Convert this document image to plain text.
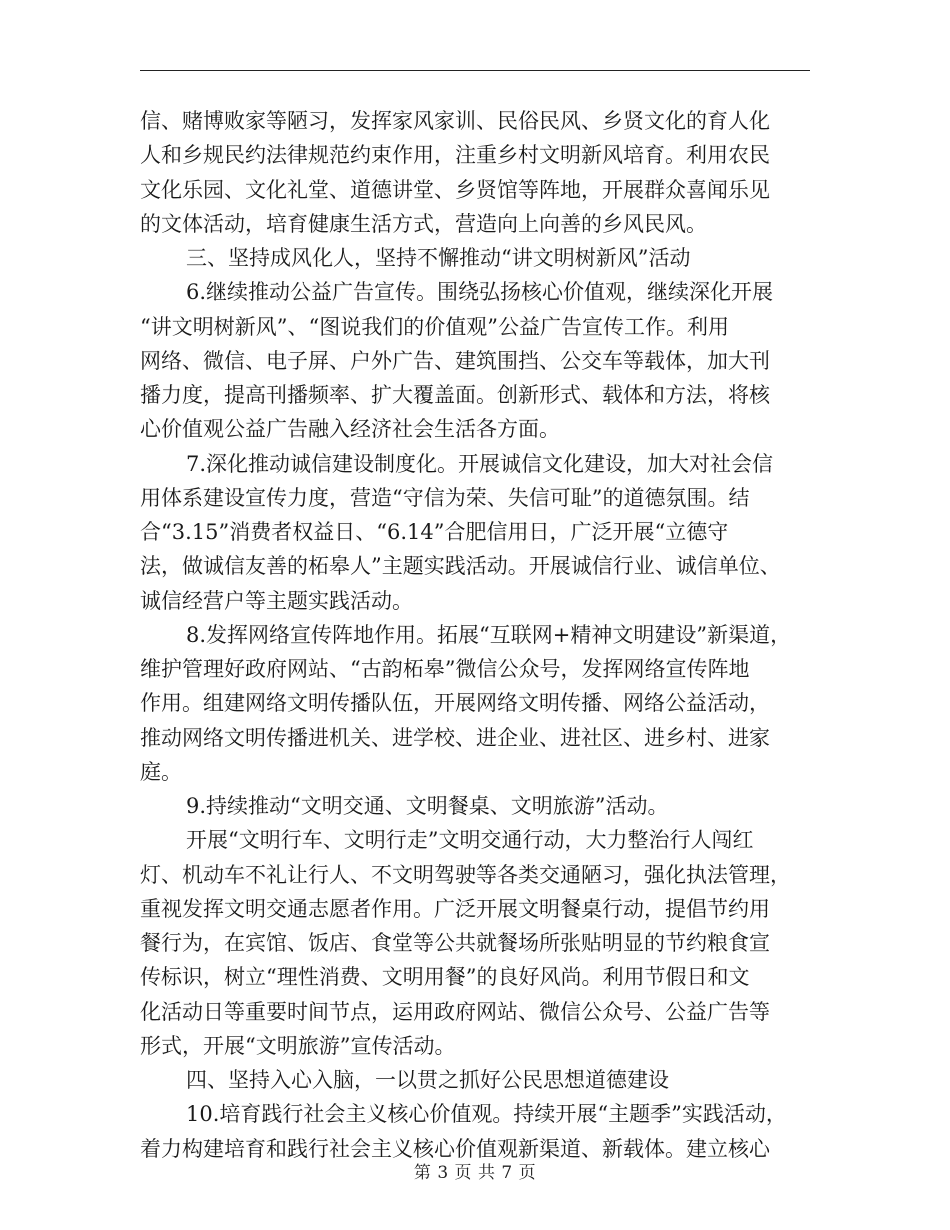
信、赌博败家等陋习，发挥家风家训、民俗民风、乡贤文化的育人化
人和乡规民约法律规范约束作用，注重乡村文明新风培育。利用农民
文化乐园、文化礼堂、道德讲堂、乡贤馆等阵地，开展群众喜闻乐见
的文体活动，培育健康生活方式，营造向上向善的乡风民风。
三、坚持成风化人，坚持不懈推动“讲文明树新风”活动
6.继续推动公益广告宣传。围绕弘扬核心价值观，继续深化开展
“讲文明树新风”、“图说我们的价值观”公益广告宣传工作。利用
网络、微信、电子屏、户外广告、建筑围挡、公交车等载体，加大刊
播力度，提高刊播频率、扩大覆盖面。创新形式、载体和方法，将核
心价值观公益广告融入经济社会生活各方面。
7.深化推动诚信建设制度化。开展诚信文化建设，加大对社会信
用体系建设宣传力度，营造“守信为荣、失信可耻”的道德氛围。结
合“3.15”消费者权益日、“6.14”合肥信用日，广泛开展“立德守
法，做诚信友善的柘皋人”主题实践活动。开展诚信行业、诚信单位、
诚信经营户等主题实践活动。
8.发挥网络宣传阵地作用。拓展“互联网+精神文明建设”新渠道，
维护管理好政府网站、“古韵柘皋”微信公众号，发挥网络宣传阵地
作用。组建网络文明传播队伍，开展网络文明传播、网络公益活动，
推动网络文明传播进机关、进学校、进企业、进社区、进乡村、进家
庭。
9.持续推动“文明交通、文明餐桌、文明旅游”活动。
开展“文明行车、文明行走”文明交通行动，大力整治行人闯红
灯、机动车不礼让行人、不文明驾驶等各类交通陋习，强化执法管理，
重视发挥文明交通志愿者作用。广泛开展文明餐桌行动，提倡节约用
餐行为，在宾馆、饭店、食堂等公共就餐场所张贴明显的节约粮食宣
传标识，树立“理性消费、文明用餐”的良好风尚。利用节假日和文
化活动日等重要时间节点，运用政府网站、微信公众号、公益广告等
形式，开展“文明旅游”宣传活动。
四、坚持入心入脑，一以贯之抓好公民思想道德建设
10.培育践行社会主义核心价值观。持续开展“主题季”实践活动，
着力构建培育和践行社会主义核心价值观新渠道、新载体。建立核心
第 3 页 共 7 页
